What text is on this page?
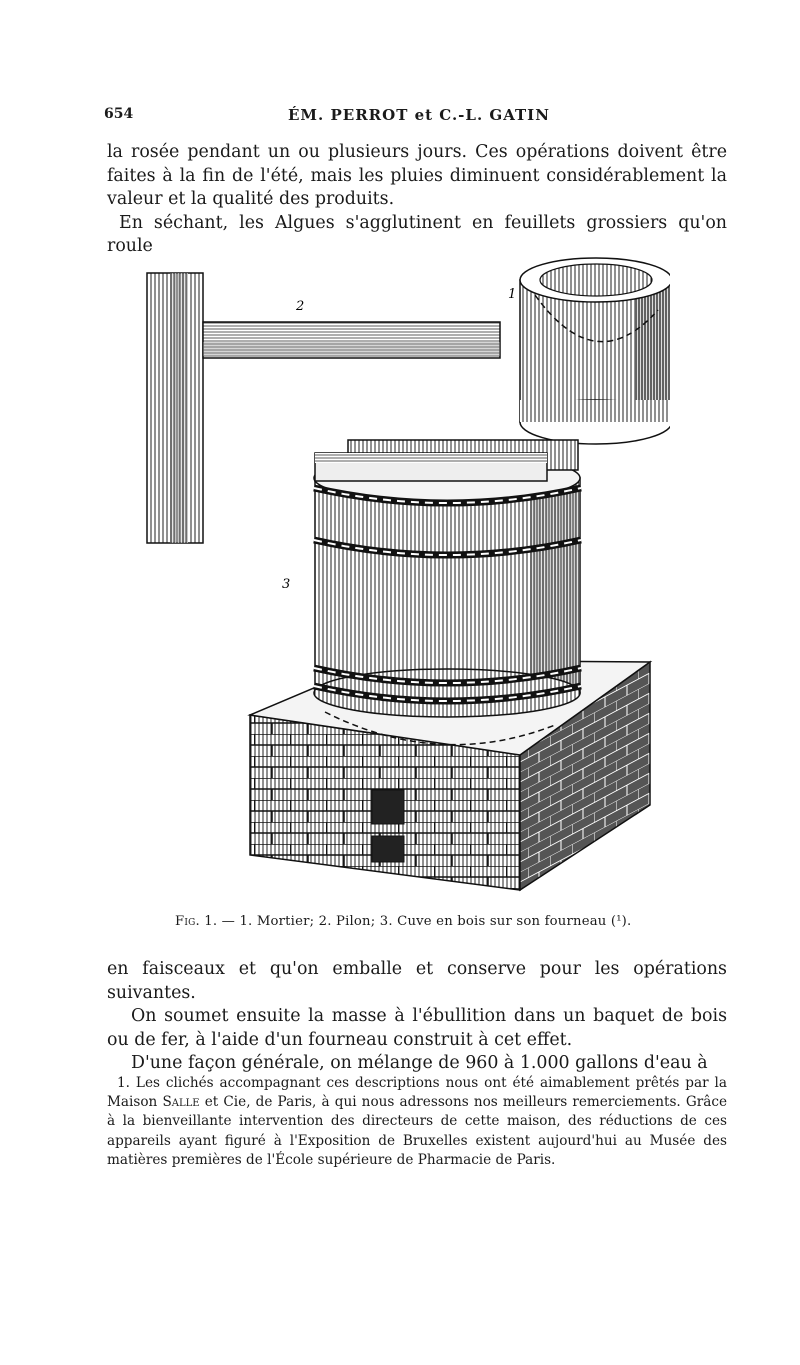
654	ÉM. PERROT et C.-L. GATIN

la rosée pendant un ou plusieurs jours. Ces opérations doivent être faites à la fin de l'été, mais les pluies diminuent considérablement la valeur et la qualité des produits.
En séchant, les Algues s'agglutinent en feuillets grossiers qu'on roule

2
1
3
Fig. 1. — 1. Mortier; 2. Pilon; 3. Cuve en bois sur son fourneau (¹).
en faisceaux et qu'on emballe et conserve pour les opérations suivantes.
On soumet ensuite la masse à l'ébullition dans un baquet de bois ou de fer, à l'aide d'un fourneau construit à cet effet.
D'une façon générale, on mélange de 960 à 1.000 gallons d'eau à

1. Les clichés accompagnant ces descriptions nous ont été aimablement prêtés par la Maison Salle et Cie, de Paris, à qui nous adressons nos meilleurs remerciements. Grâce à la bienveillante intervention des directeurs de cette maison, des réductions de ces appareils ayant figuré à l'Exposition de Bruxelles existent aujourd'hui au Musée des matières premières de l'École supérieure de Pharmacie de Paris.
